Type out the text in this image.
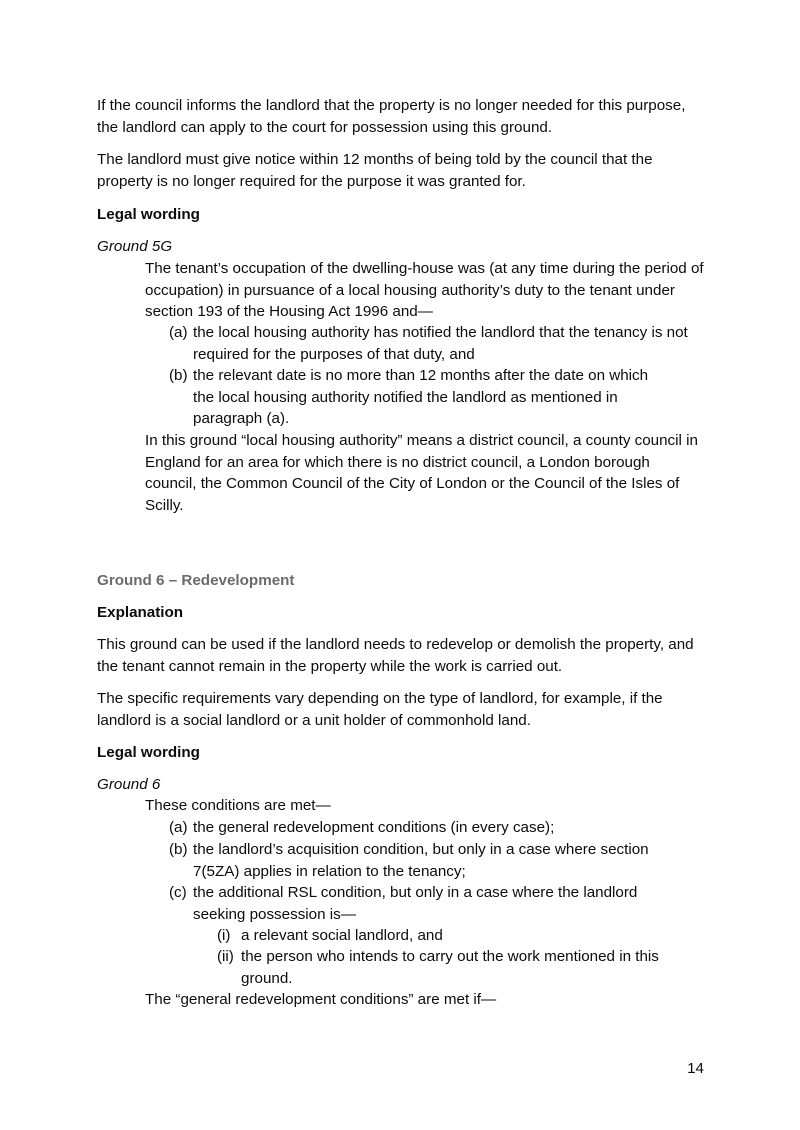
If the council informs the landlord that the property is no longer needed for this purpose, the landlord can apply to the court for possession using this ground.

The landlord must give notice within 12 months of being told by the council that the property is no longer required for the purpose it was granted for.

Legal wording

Ground 5G

The tenant’s occupation of the dwelling-house was (at any time during the period of occupation) in pursuance of a local housing authority’s duty to the tenant under section 193 of the Housing Act 1996 and—

(a) the local housing authority has notified the landlord that the tenancy is not required for the purposes of that duty, and
(b) the relevant date is no more than 12 months after the date on which the local housing authority notified the landlord as mentioned in paragraph (a).

In this ground “local housing authority” means a district council, a county council in England for an area for which there is no district council, a London borough council, the Common Council of the City of London or the Council of the Isles of Scilly.

Ground 6 – Redevelopment

Explanation

This ground can be used if the landlord needs to redevelop or demolish the property, and the tenant cannot remain in the property while the work is carried out.

The specific requirements vary depending on the type of landlord, for example, if the landlord is a social landlord or a unit holder of commonhold land.

Legal wording

Ground 6

These conditions are met—

(a) the general redevelopment conditions (in every case);
(b) the landlord’s acquisition condition, but only in a case where section 7(5ZA) applies in relation to the tenancy;
(c) the additional RSL condition, but only in a case where the landlord seeking possession is—
(i) a relevant social landlord, and
(ii) the person who intends to carry out the work mentioned in this ground.

The “general redevelopment conditions” are met if—

14
